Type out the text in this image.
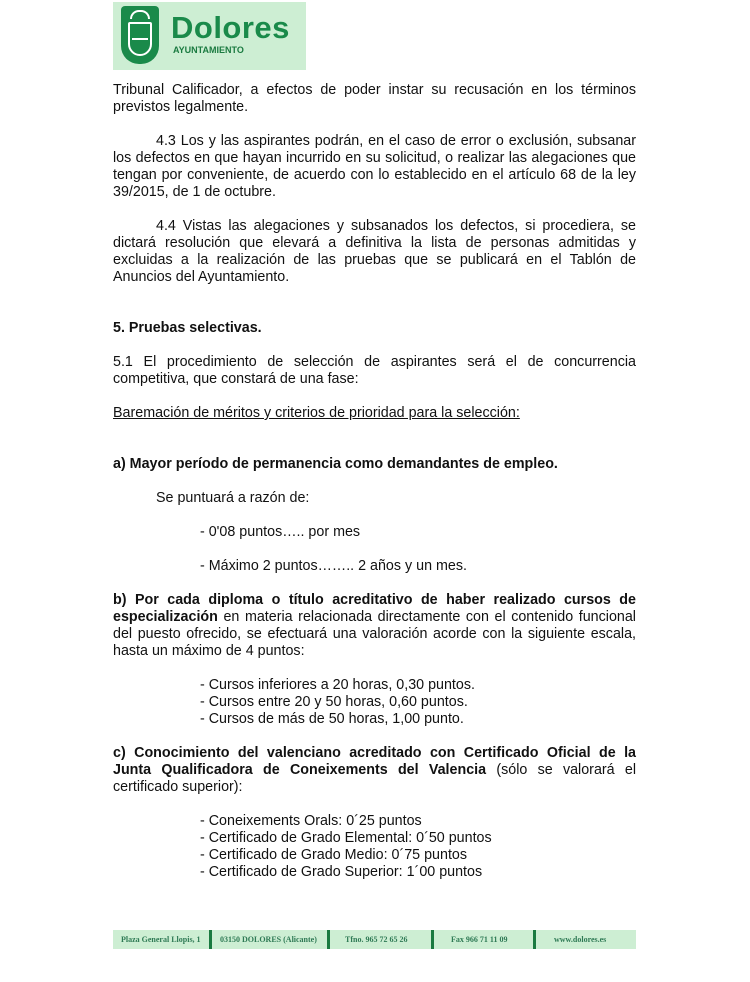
Dolores
AYUNTAMIENTO

Tribunal Calificador, a efectos de poder instar su recusación en los términos previstos legalmente.

4.3 Los y las aspirantes podrán, en el caso de error o exclusión, subsanar los defectos en que hayan incurrido en su solicitud, o realizar las alegaciones que tengan por conveniente, de acuerdo con lo establecido en el artículo 68 de la ley 39/2015, de 1 de octubre.

4.4 Vistas las alegaciones y subsanados los defectos, si procediera, se dictará resolución que elevará a definitiva la lista de personas admitidas y excluidas a la realización de las pruebas que se publicará en el Tablón de Anuncios del Ayuntamiento.

5. Pruebas selectivas.

5.1 El procedimiento de selección de aspirantes será el de concurrencia competitiva, que constará de una fase:

Baremación de méritos y criterios de prioridad para la selección:

a) Mayor período de permanencia como demandantes de empleo.

Se puntuará a razón de:

- 0'08 puntos….. por mes

- Máximo 2 puntos…….. 2 años y un mes.

b) Por cada diploma o título acreditativo de haber realizado cursos de especialización en materia relacionada directamente con el contenido funcional del puesto ofrecido, se efectuará una valoración acorde con la siguiente escala, hasta un máximo de 4 puntos:

- Cursos inferiores a 20 horas, 0,30 puntos.

- Cursos entre 20 y 50 horas, 0,60 puntos.

- Cursos de más de 50 horas, 1,00 punto.

c) Conocimiento del valenciano acreditado con Certificado Oficial de la Junta Qualificadora de Coneixements del Valencia (sólo se valorará el certificado superior):

- Coneixements Orals: 0´25 puntos

- Certificado de Grado Elemental: 0´50 puntos

- Certificado de Grado Medio: 0´75 puntos

- Certificado de Grado Superior: 1´00 puntos

Plaza General Llopis, 1 03150 DOLORES (Alicante)	Tfno. 965 72 65 26	Fax 966 71 11 09	www.dolores.es
